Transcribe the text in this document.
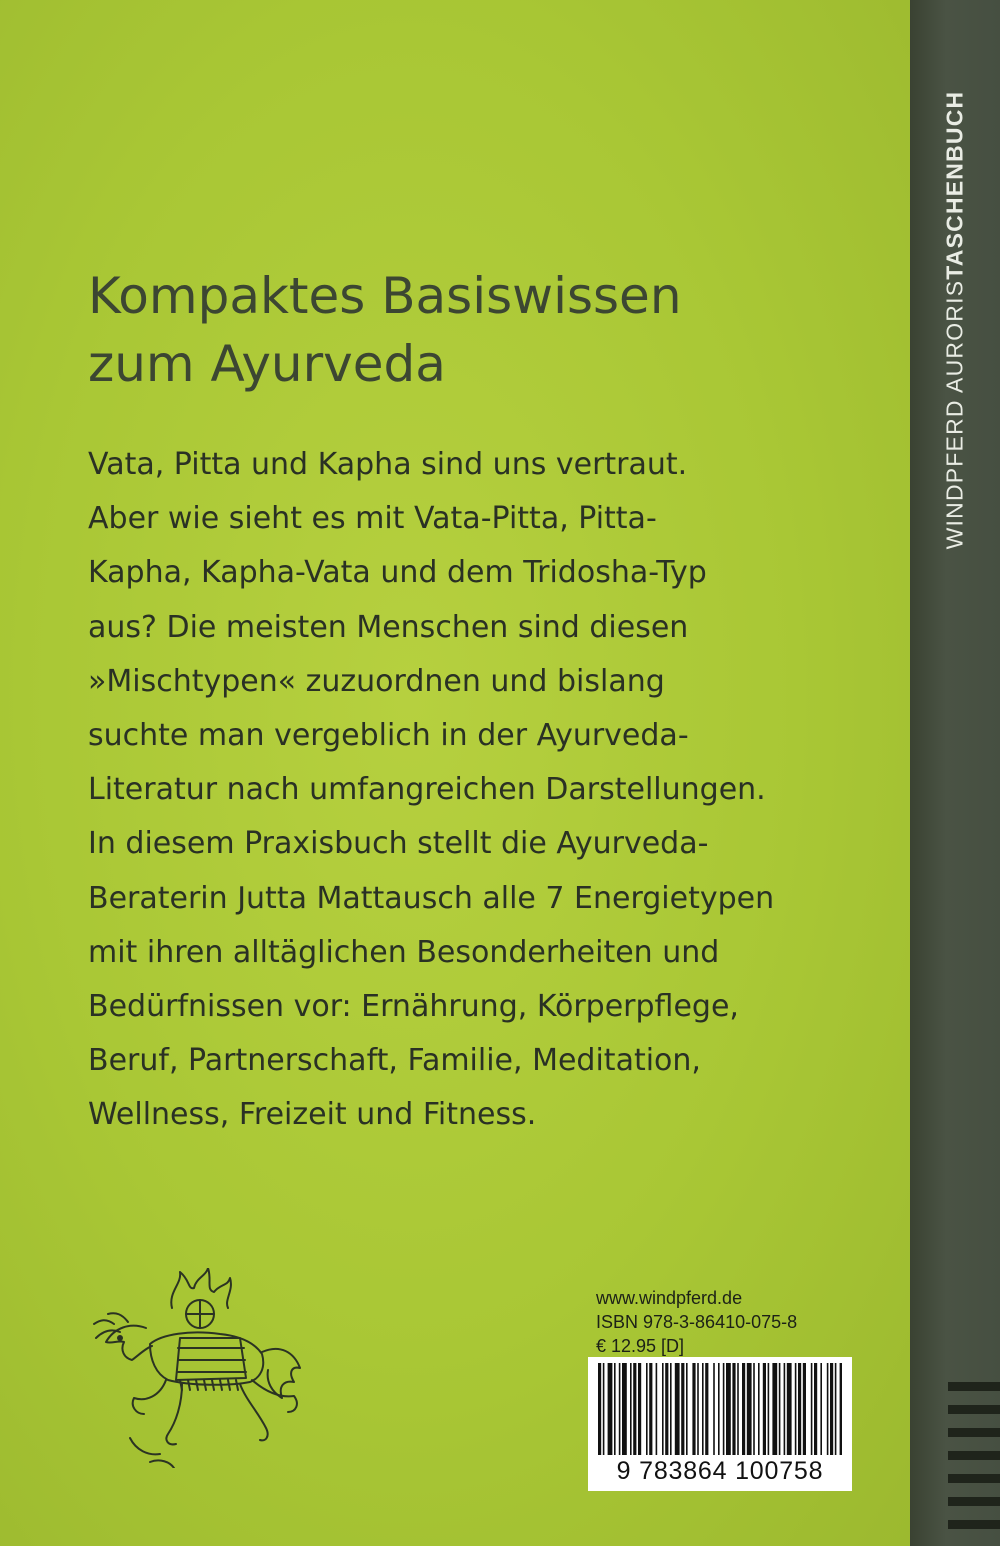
WINDPFERD AURORISTASCHENBUCH
Kompaktes Basiswissen
zum Ayurveda
Vata, Pitta und Kapha sind uns vertraut.
Aber wie sieht es mit Vata-Pitta, Pitta-
Kapha, Kapha-Vata und dem Tridosha-Typ
aus? Die meisten Menschen sind diesen
»Mischtypen« zuzuordnen und bislang
suchte man vergeblich in der Ayurveda-
Literatur nach umfangreichen Darstellungen.
In diesem Praxisbuch stellt die Ayurveda-
Beraterin Jutta Mattausch alle 7 Energietypen
mit ihren alltäglichen Besonderheiten und
Bedürfnissen vor: Ernährung, Körperpflege,
Beruf, Partnerschaft, Familie, Meditation,
Wellness, Freizeit und Fitness.
www.windpferd.de
ISBN 978-3-86410-075-8
€ 12.95 [D]
9 783864 100758
